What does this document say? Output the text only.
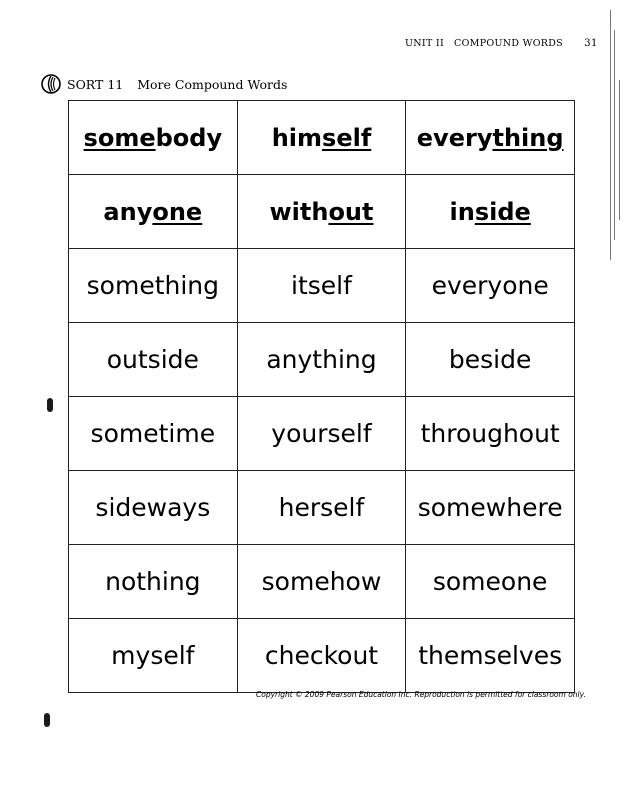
UNIT II COMPOUND WORDS 31
SORT 11 More Compound Words
somebody	himself	everything
anyone	without	inside
something	itself	everyone
outside	anything	beside
sometime	yourself	throughout
sideways	herself	somewhere
nothing	somehow	someone
myself	checkout	themselves
Copyright © 2009 Pearson Education Inc. Reproduction is permitted for classroom only.
